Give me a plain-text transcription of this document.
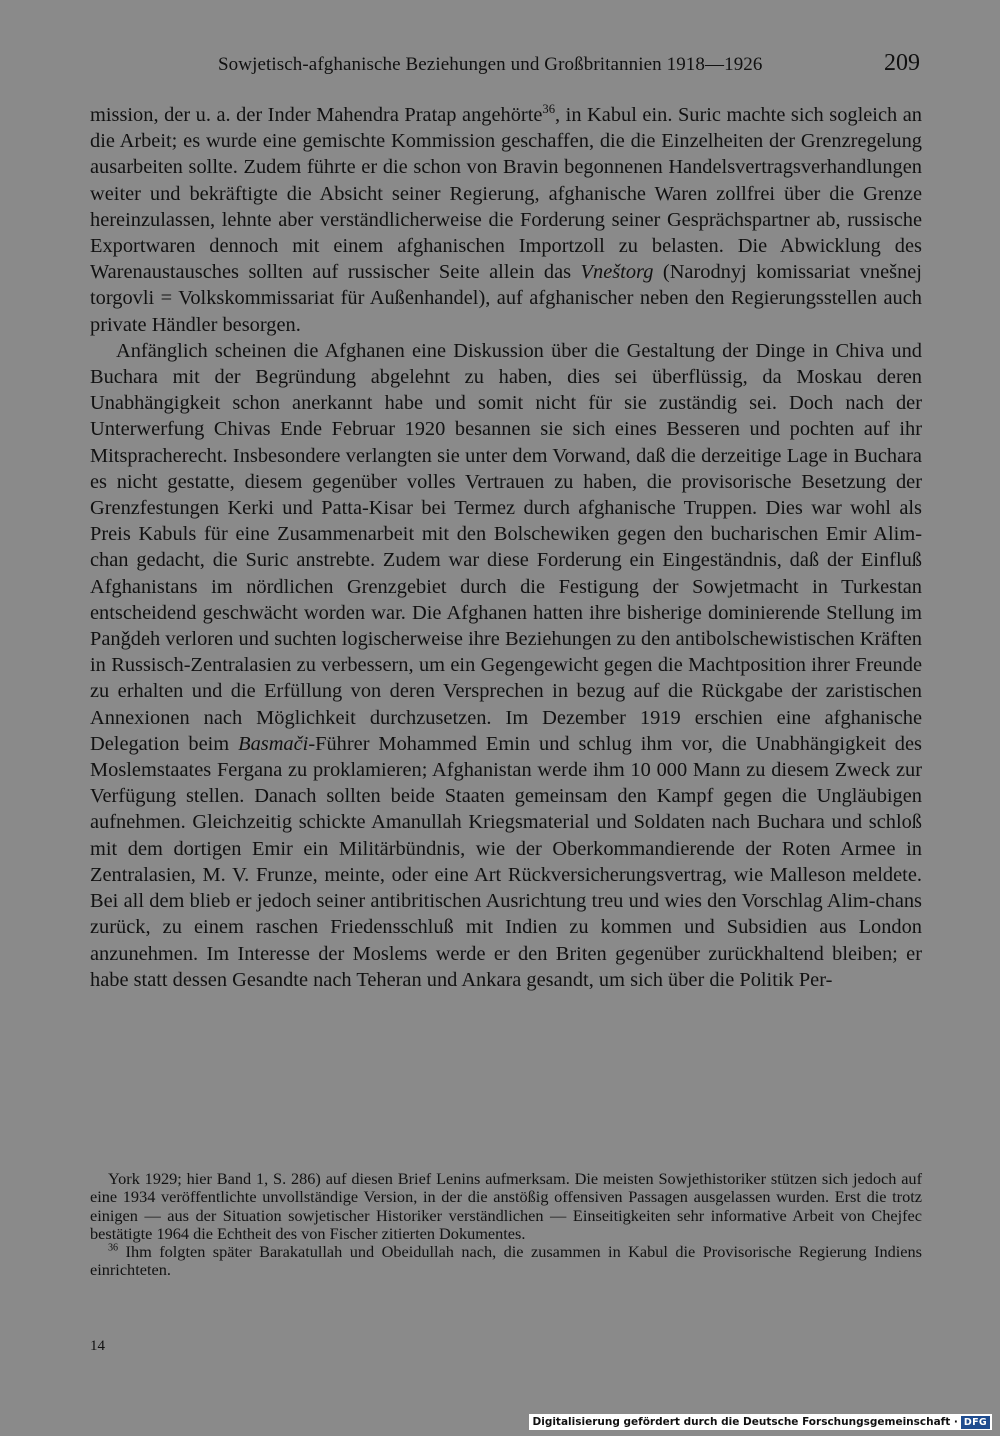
Sowjetisch-afghanische Beziehungen und Großbritannien 1918—1926	209

mission, der u. a. der Inder Mahendra Pratap angehörte$^{36}$, in Kabul ein. Suric machte sich sogleich an die Arbeit; es wurde eine gemischte Kommission geschaffen, die die Einzelheiten der Grenzregelung ausarbeiten sollte. Zudem führte er die schon von Bravin begonnenen Handelsvertragsverhandlungen weiter und bekräftigte die Absicht seiner Regierung, afghanische Waren zollfrei über die Grenze hereinzulassen, lehnte aber verständlicherweise die Forderung seiner Gesprächspartner ab, russische Exportwaren dennoch mit einem afghanischen Importzoll zu belasten. Die Abwicklung des Warenaustausches sollten auf russischer Seite allein das Vneštorg (Narodnyj komissariat vnešnej torgovli = Volkskommissariat für Außenhandel), auf afghanischer neben den Regierungsstellen auch private Händler besorgen.

Anfänglich scheinen die Afghanen eine Diskussion über die Gestaltung der Dinge in Chiva und Buchara mit der Begründung abgelehnt zu haben, dies sei überflüssig, da Moskau deren Unabhängigkeit schon anerkannt habe und somit nicht für sie zuständig sei. Doch nach der Unterwerfung Chivas Ende Februar 1920 besannen sie sich eines Besseren und pochten auf ihr Mitspracherecht. Insbesondere verlangten sie unter dem Vorwand, daß die derzeitige Lage in Buchara es nicht gestatte, diesem gegenüber volles Vertrauen zu haben, die provisorische Besetzung der Grenzfestungen Kerki und Patta-Kisar bei Termez durch afghanische Truppen. Dies war wohl als Preis Kabuls für eine Zusammenarbeit mit den Bolschewiken gegen den bucharischen Emir Alim-chan gedacht, die Suric anstrebte. Zudem war diese Forderung ein Eingeständnis, daß der Einfluß Afghanistans im nördlichen Grenzgebiet durch die Festigung der Sowjetmacht in Turkestan entscheidend geschwächt worden war. Die Afghanen hatten ihre bisherige dominierende Stellung im Panǧdeh verloren und suchten logischerweise ihre Beziehungen zu den antibolschewistischen Kräften in Russisch-Zentralasien zu verbessern, um ein Gegengewicht gegen die Machtposition ihrer Freunde zu erhalten und die Erfüllung von deren Versprechen in bezug auf die Rückgabe der zaristischen Annexionen nach Möglichkeit durchzusetzen. Im Dezember 1919 erschien eine afghanische Delegation beim Basmači-Führer Mohammed Emin und schlug ihm vor, die Unabhängigkeit des Moslemstaates Fergana zu proklamieren; Afghanistan werde ihm 10 000 Mann zu diesem Zweck zur Verfügung stellen. Danach sollten beide Staaten gemeinsam den Kampf gegen die Ungläubigen aufnehmen. Gleichzeitig schickte Amanullah Kriegsmaterial und Soldaten nach Buchara und schloß mit dem dortigen Emir ein Militärbündnis, wie der Oberkommandierende der Roten Armee in Zentralasien, M. V. Frunze, meinte, oder eine Art Rückversicherungsvertrag, wie Malleson meldete. Bei all dem blieb er jedoch seiner antibritischen Ausrichtung treu und wies den Vorschlag Alim-chans zurück, zu einem raschen Friedensschluß mit Indien zu kommen und Subsidien aus London anzunehmen. Im Interesse der Moslems werde er den Briten gegenüber zurückhaltend bleiben; er habe statt dessen Gesandte nach Teheran und Ankara gesandt, um sich über die Politik Per-

York 1929; hier Band 1, S. 286) auf diesen Brief Lenins aufmerksam. Die meisten Sowjethistoriker stützen sich jedoch auf eine 1934 veröffentlichte unvollständige Version, in der die anstößig offensiven Passagen ausgelassen wurden. Erst die trotz einigen — aus der Situation sowjetischer Historiker verständlichen — Einseitigkeiten sehr informative Arbeit von Chejfec bestätigte 1964 die Echtheit des von Fischer zitierten Dokumentes.

$^{36}$ Ihm folgten später Barakatullah und Obeidullah nach, die zusammen in Kabul die Provisorische Regierung Indiens einrichteten.

14
Digitalisierung gefördert durch die Deutsche Forschungsgemeinschaft · DFG
